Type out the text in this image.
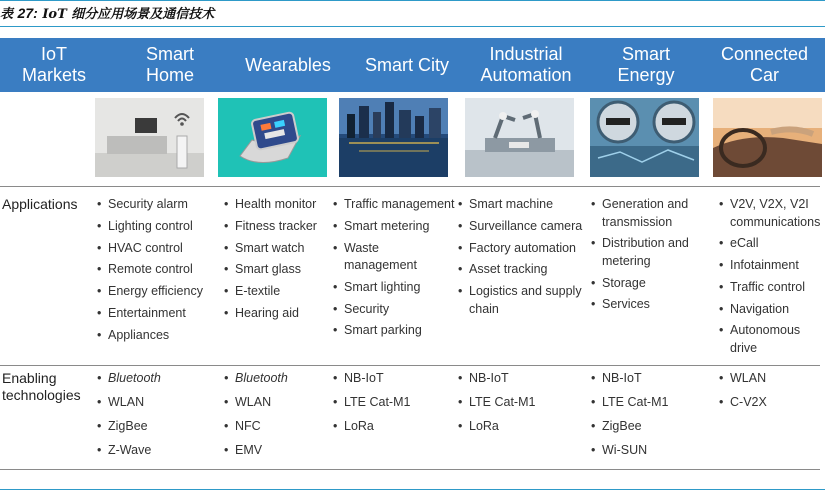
表 27: IoT 细分应用场景及通信技术
IoT
Markets
Smart
Home
Wearables	Smart City
Industrial
Automation
Smart
Energy
Connected
Car
Applications
•	Security alarm
• Lighting control
• HVAC control
• Remote control
• Energy efficiency
• Entertainment
• Appliances
• Health monitor
• Fitness tracker
• Smart watch
• Smart glass
• E-textile
• Hearing aid
• Traffic management
• Smart metering
• Waste management
• Smart lighting
• Security
• Smart parking
• Smart machine
• Surveillance camera
• Factory automation
• Asset tracking
• Logistics and supply chain
• Generation and transmission
• Distribution and metering
• Storage
• Services
• V2V, V2X, V2I communications
• eCall
• Infotainment
• Traffic control
• Navigation
• Autonomous drive
Enabling
technologies
• Bluetooth
• WLAN
• ZigBee
• Z-Wave
• Bluetooth
• WLAN
• NFC
• EMV
• NB-IoT
• LTE Cat-M1
• LoRa
• NB-IoT
• LTE Cat-M1
• LoRa
• NB-IoT
• LTE Cat-M1
• ZigBee
• Wi-SUN
• WLAN
• C-V2X
